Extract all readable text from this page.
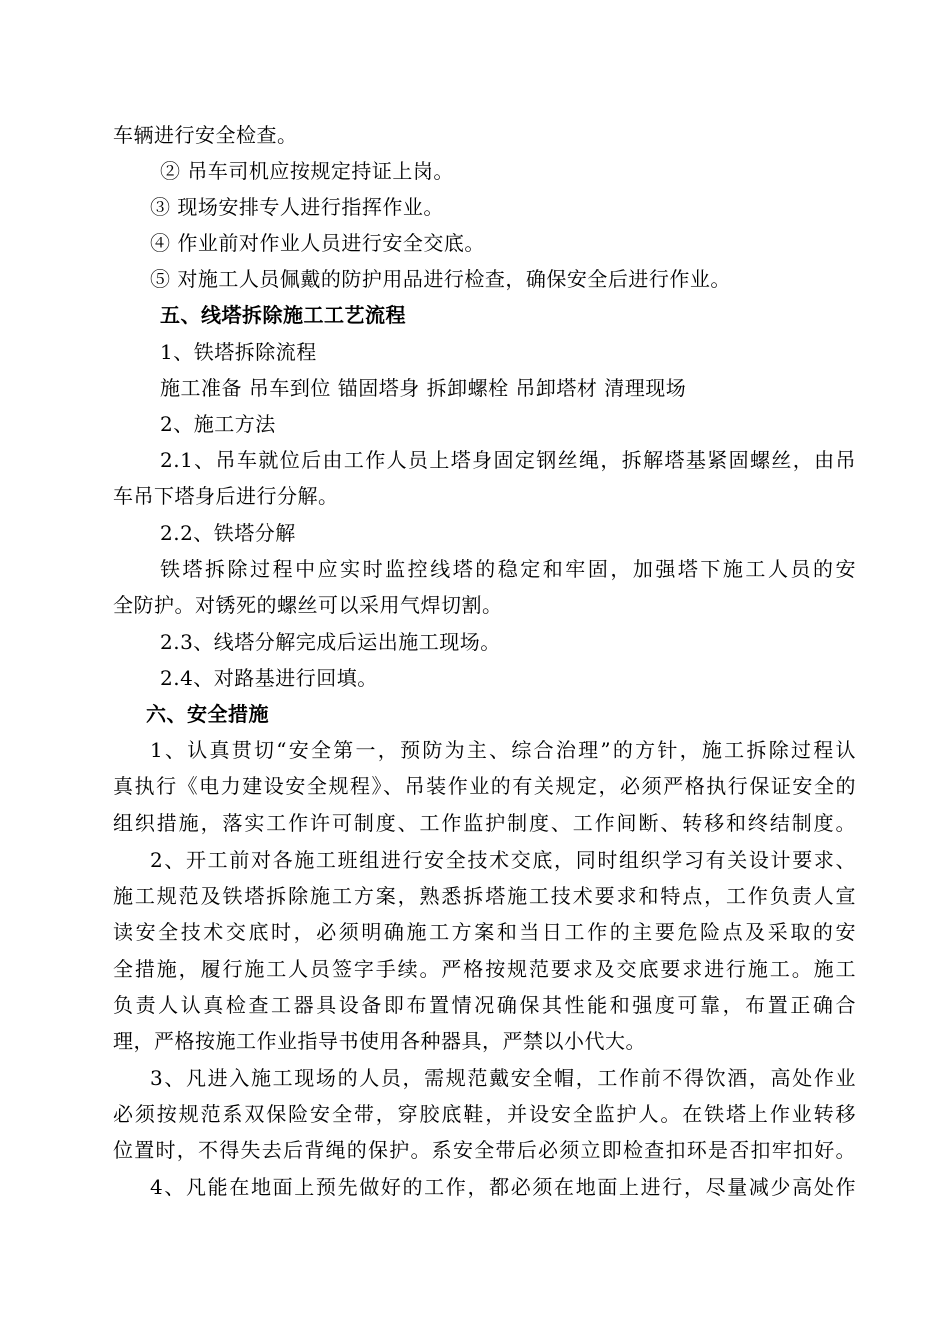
车辆进行安全检查。
② 吊车司机应按规定持证上岗。
③ 现场安排专人进行指挥作业。
④ 作业前对作业人员进行安全交底。
⑤ 对施工人员佩戴的防护用品进行检查，确保安全后进行作业。
五、线塔拆除施工工艺流程
1、铁塔拆除流程
施工准备 吊车到位 锚固塔身 拆卸螺栓 吊卸塔材 清理现场
2、施工方法
2.1、吊车就位后由工作人员上塔身固定钢丝绳，拆解塔基紧固螺丝，由吊
车吊下塔身后进行分解。
2.2、铁塔分解
铁塔拆除过程中应实时监控线塔的稳定和牢固，加强塔下施工人员的安
全防护。对锈死的螺丝可以采用气焊切割。
2.3、线塔分解完成后运出施工现场。
2.4、对路基进行回填。
六、安全措施
1、认真贯切“安全第一，预防为主、综合治理”的方针，施工拆除过程认
真执行《电力建设安全规程》、吊装作业的有关规定，必须严格执行保证安全的
组织措施，落实工作许可制度、工作监护制度、工作间断、转移和终结制度。
2、开工前对各施工班组进行安全技术交底，同时组织学习有关设计要求、
施工规范及铁塔拆除施工方案，熟悉拆塔施工技术要求和特点，工作负责人宣
读安全技术交底时，必须明确施工方案和当日工作的主要危险点及采取的安
全措施，履行施工人员签字手续。严格按规范要求及交底要求进行施工。施工
负责人认真检查工器具设备即布置情况确保其性能和强度可靠，布置正确合
理，严格按施工作业指导书使用各种器具，严禁以小代大。
3、凡进入施工现场的人员，需规范戴安全帽，工作前不得饮酒，高处作业
必须按规范系双保险安全带，穿胶底鞋，并设安全监护人。在铁塔上作业转移
位置时，不得失去后背绳的保护。系安全带后必须立即检查扣环是否扣牢扣好。
4、凡能在地面上预先做好的工作，都必须在地面上进行，尽量减少高处作
